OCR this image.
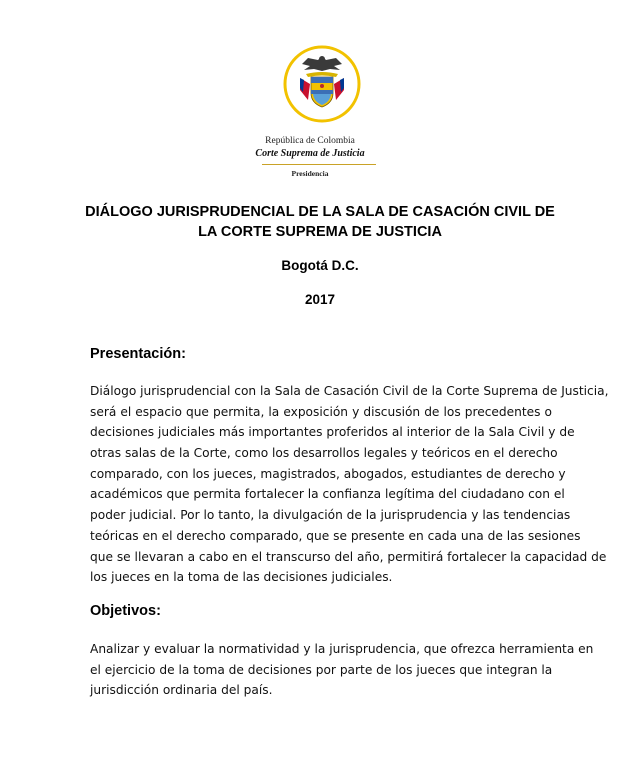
República de Colombia
Corte Suprema de Justicia
Presidencia
DIÁLOGO JURISPRUDENCIAL DE LA SALA DE CASACIÓN CIVIL DE
LA CORTE SUPREMA DE JUSTICIA
Bogotá D.C.
2017
Presentación:
Diálogo jurisprudencial con la Sala de Casación Civil de la Corte Suprema de Justicia,
será el espacio que permita, la exposición y discusión de los precedentes o
decisiones judiciales más importantes proferidos al interior de la Sala Civil y de
otras salas de la Corte, como los desarrollos legales y teóricos en el derecho
comparado, con los jueces, magistrados, abogados, estudiantes de derecho y
académicos que permita fortalecer la confianza legítima del ciudadano con el
poder judicial. Por lo tanto, la divulgación de la jurisprudencia y las tendencias
teóricas en el derecho comparado, que se presente en cada una de las sesiones
que se llevaran a cabo en el transcurso del año, permitirá fortalecer la capacidad de
los jueces en la toma de las decisiones judiciales.
Objetivos:
Analizar y evaluar la normatividad y la jurisprudencia, que ofrezca herramienta en
el ejercicio de la toma de decisiones por parte de los jueces que integran la
jurisdicción ordinaria del país.
